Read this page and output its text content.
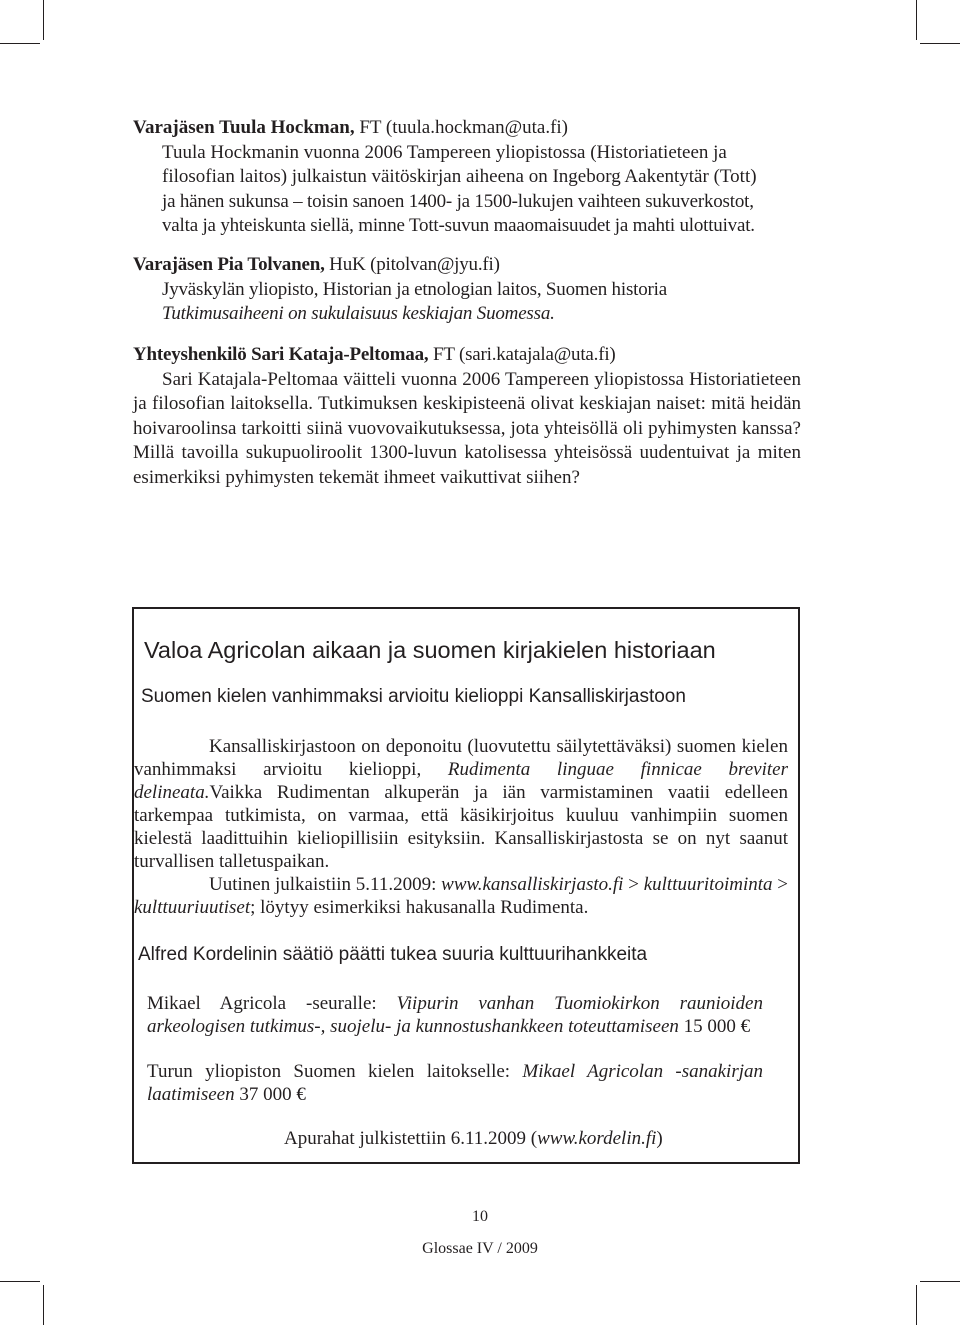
Varajäsen Tuula Hockman, FT (tuula.hockman@uta.fi)

Tuula Hockmanin vuonna 2006 Tampereen yliopistossa (Historiatieteen ja

filosofian laitos) julkaistun väitöskirjan aiheena on Ingeborg Aakentytär (Tott)

ja hänen sukunsa – toisin sanoen 1400- ja 1500-lukujen vaihteen sukuverkostot,

valta ja yhteiskunta siellä, minne Tott-suvun maaomaisuudet ja mahti ulottuivat.

Varajäsen Pia Tolvanen, HuK (pitolvan@jyu.fi)

Jyväskylän yliopisto, Historian ja etnologian laitos, Suomen historia

Tutkimusaiheeni on sukulaisuus keskiajan Suomessa.

Yhteyshenkilö Sari Kataja-Peltomaa, FT (sari.katajala@uta.fi)

Sari Katajala-Peltomaa väitteli vuonna 2006 Tampereen yliopistossa Historiatieteen ja filosofian laitoksella. Tutkimuksen keskipisteenä olivat keskiajan naiset: mitä heidän hoivaroolinsa tarkoitti siinä vuovovaikutuksessa, jota yhteisöllä oli pyhimysten kanssa? Millä tavoilla sukupuoliroolit 1300-luvun katolisessa yhteisössä uudentuivat ja miten esimerkiksi pyhimysten tekemät ihmeet vaikuttivat siihen?

Valoa Agricolan aikaan ja suomen kirjakielen historiaan
Suomen kielen vanhimmaksi arvioitu kielioppi Kansalliskirjastoon

Kansalliskirjastoon on deponoitu (luovutettu säilytettäväksi) suomen kielen vanhimmaksi arvioitu kielioppi, Rudimenta linguae finnicae breviter delineata.Vaikka Rudimentan alkuperän ja iän varmistaminen vaatii edelleen tarkempaa tutkimista, on varmaa, että käsikirjoitus kuuluu vanhimpiin suomen kielestä laadittuihin kieliopillisiin esityksiin. Kansalliskirjastosta se on nyt saanut turvallisen talletuspaikan.

Uutinen julkaistiin 5.11.2009: www.kansalliskirjasto.fi > kulttuuritoiminta > kulttuuriuutiset; löytyy esimerkiksi hakusanalla Rudimenta.

Alfred Kordelinin säätiö päätti tukea suuria kulttuurihankkeita
Mikael Agricola -seuralle: Viipurin vanhan Tuomiokirkon raunioiden arkeologisen tutkimus-, suojelu- ja kunnostushankkeen toteuttamiseen 15 000 €
Turun yliopiston Suomen kielen laitokselle: Mikael Agricolan -sanakirjan laatimiseen 37 000 €
Apurahat julkistettiin 6.11.2009 (www.kordelin.fi)
10
Glossae IV / 2009
